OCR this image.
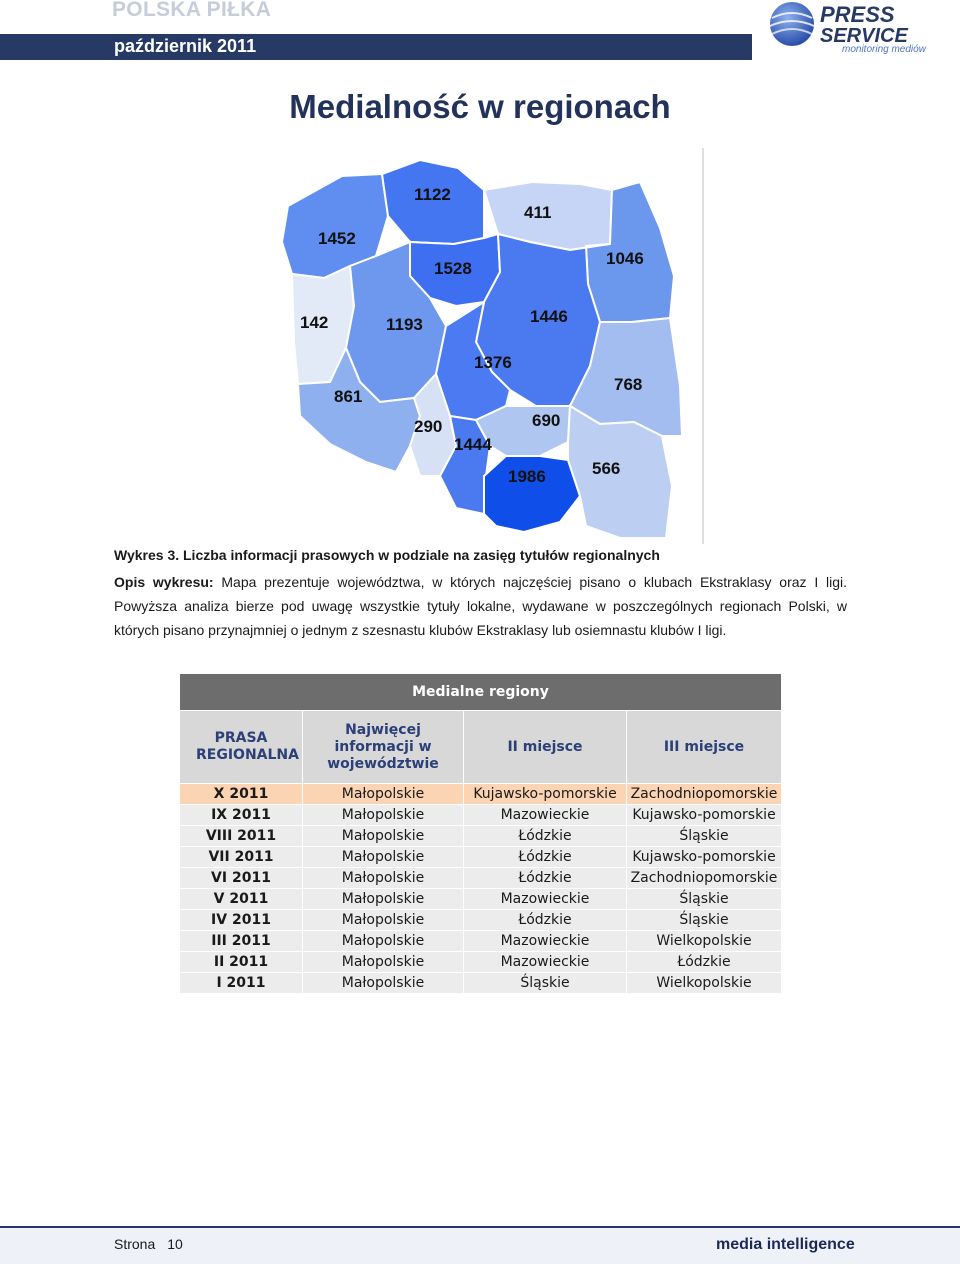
POLSKA PIŁKA
październik 2011
PRESS
SERVICE
monitoring mediów
Medialność w regionach
1452
1122
411
1046
1528
142	1193	1446
1376
861
768
290
1444
690
1986	566
Wykres 3. Liczba informacji prasowych w podziale na zasięg tytułów regionalnych
Opis wykresu: Mapa prezentuje województwa, w których najczęściej pisano o klubach Ekstraklasy oraz I ligi. Powyższa analiza bierze pod uwagę wszystkie tytuły lokalne, wydawane w poszczególnych regionach Polski, w których pisano przynajmniej o jednym z szesnastu klubów Ekstraklasy lub osiemnastu klubów I ligi.
Medialne regiony			

PRASA REGIONALNA	Najwięcej informacji w województwie	II miejsce	III miejsce
X 2011	Małopolskie	Kujawsko-pomorskie	Zachodniopomorskie
IX 2011	Małopolskie	Mazowieckie	Kujawsko-pomorskie
VIII 2011	Małopolskie	Łódzkie	Śląskie
VII 2011	Małopolskie	Łódzkie	Kujawsko-pomorskie
VI 2011	Małopolskie	Łódzkie	Zachodniopomorskie
V 2011	Małopolskie	Mazowieckie	Śląskie
IV 2011	Małopolskie	Łódzkie	Śląskie
III 2011	Małopolskie	Mazowieckie	Wielkopolskie
II 2011	Małopolskie	Mazowieckie	Łódzkie
I 2011	Małopolskie	Śląskie	Wielkopolskie
Strona 10	media intelligence
